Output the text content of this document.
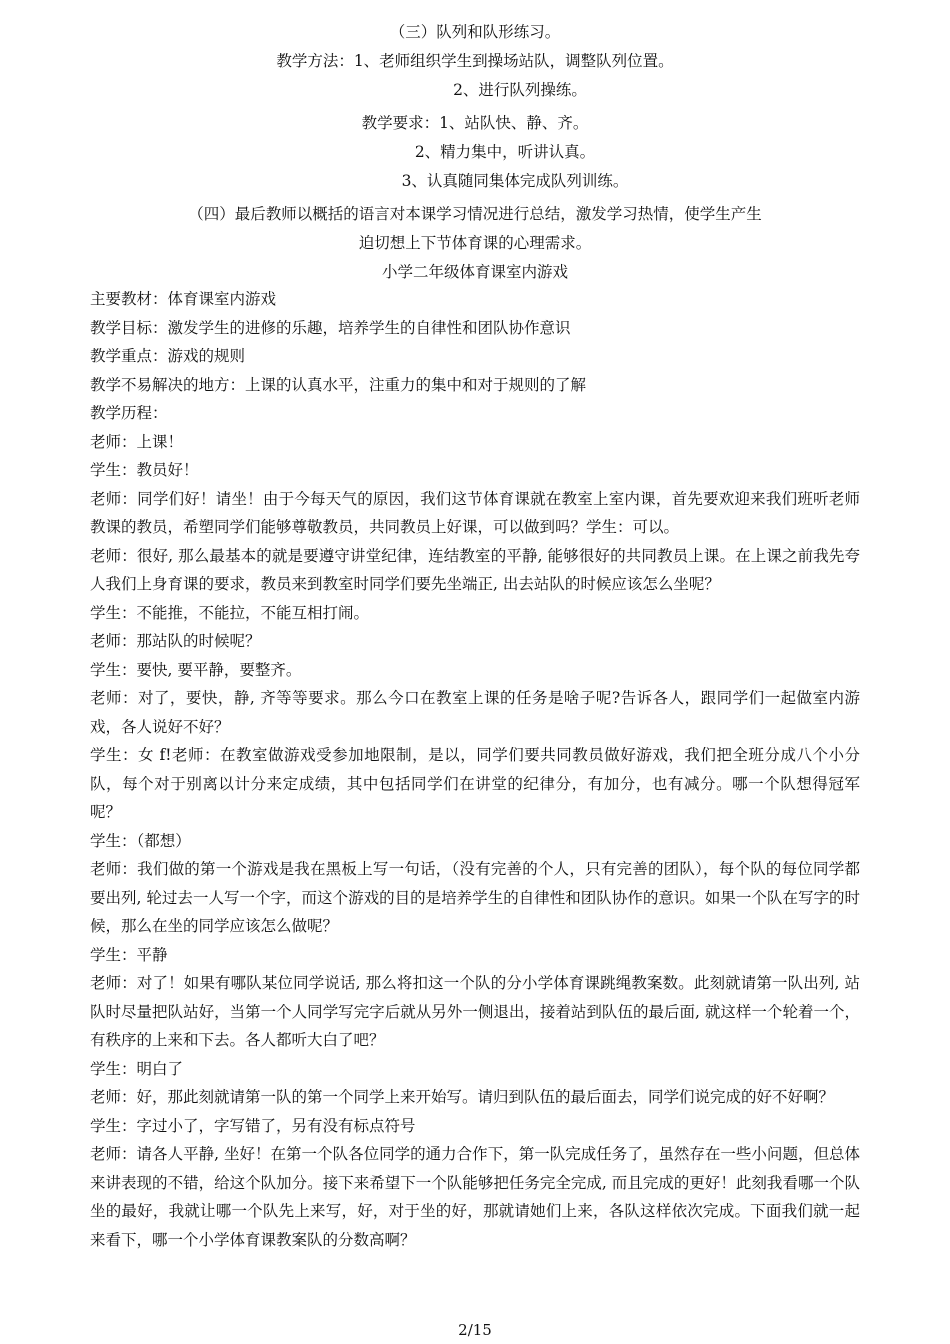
（三）队列和队形练习。
教学方法：1、老师组织学生到操场站队，调整队列位置。
2、进行队列操练。
教学要求：1、站队快、静、齐。
2、精力集中，听讲认真。
3、认真随同集体完成队列训练。
（四）最后教师以概括的语言对本课学习情况进行总结，激发学习热情，使学生产生
迫切想上下节体育课的心理需求。
小学二年级体育课室内游戏

主要教材：体育课室内游戏

教学目标：激发学生的进修的乐趣，培养学生的自律性和团队协作意识

教学重点：游戏的规则

教学不易解决的地方：上课的认真水平，注重力的集中和对于规则的了解

教学历程：

老师：上课！

学生：教员好！

老师：同学们好！请坐！由于今每天气的原因，我们这节体育课就在教室上室内课，首先要欢迎来我们班听老师教课的教员，希塑同学们能够尊敬教员，共同教员上好课，可以做到吗？学生：可以。

老师：很好, 那么最基本的就是要遵守讲堂纪律，连结教室的平静, 能够很好的共同教员上课。在上课之前我先夸人我们上身育课的要求，教员来到教室时同学们要先坐端正, 出去站队的时候应该怎么坐呢？

学生：不能推，不能拉，不能互相打闹。

老师：那站队的时候呢？

学生：要快, 要平静，要整齐。

老师：对了，要快，静, 齐等等要求。那么今口在教室上课的任务是啥子呢?告诉各人，跟同学们一起做室内游戏，各人说好不好？

学生：女 f!老师：在教室做游戏受参加地限制，是以，同学们要共同教员做好游戏，我们把全班分成八个小分队，每个对于别离以计分来定成绩，其中包括同学们在讲堂的纪律分，有加分，也有减分。哪一个队想得冠军呢？

学生：（都想）

老师：我们做的第一个游戏是我在黑板上写一句话，（没有完善的个人，只有完善的团队），每个队的每位同学都要出列, 轮过去一人写一个字，而这个游戏的目的是培养学生的自律性和团队协作的意识。如果一个队在写字的时候，那么在坐的同学应该怎么做呢？

学生：平静

老师：对了！如果有哪队某位同学说话, 那么将扣这一个队的分小学体育课跳绳教案数。此刻就请第一队出列, 站队时尽量把队站好，当第一个人同学写完字后就从另外一侧退出，接着站到队伍的最后面, 就这样一个轮着一个，有秩序的上来和下去。各人都听大白了吧？

学生：明白了

老师：好，那此刻就请第一队的第一个同学上来开始写。请归到队伍的最后面去，同学们说完成的好不好啊？

学生：字过小了，字写错了，另有没有标点符号

老师：请各人平静, 坐好！在第一个队各位同学的通力合作下，第一队完成任务了，虽然存在一些小问题，但总体来讲表现的不错，给这个队加分。接下来希望下一个队能够把任务完全完成, 而且完成的更好！此刻我看哪一个队坐的最好，我就让哪一个队先上来写，好，对于坐的好，那就请她们上来，各队这样依次完成。下面我们就一起来看下，哪一个小学体育课教案队的分数高啊？

2/15
